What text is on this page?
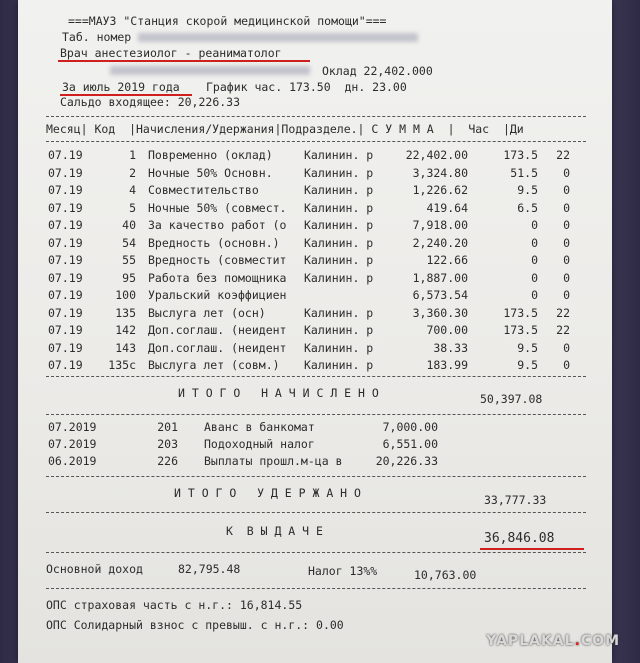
===МАУЗ "Станция скорой медицинской помощи"===
Таб. номер
Врач анестезиолог - реаниматолог
Оклад 22,402.000
За июль 2019 года График час. 173.50  дн. 23.00
Сальдо входящее: 20,226.33
Месяц| Код  |Начисления/Удержания|Подразделе.| С У М М А  |  Час  |Ди
07.19	1 Повременно (оклад)	Калинин. р	22,402.00	173.5	22
07.19	2 Ночные 50% Основн.	Калинин. р	3,324.80	51.5	0
07.19	4 Совместительство	Калинин. р	1,226.62	9.5	0
07.19	5 Ночные 50% (совмест. Калинин. р	419.64	6.5	0
07.19	40 За качество работ (о Калинин. р	7,918.00	0	0
07.19	54 Вредность (основн.) Калинин. р	2,240.20	0	0
07.19	55 Вредность (совместит Калинин. р	122.66	0	0
07.19	95 Работа без помощника Калинин. р	1,887.00	0	0
07.19	100 Уральский коэффициен	6,573.54	0	0
07.19	135 Выслуга лет (осн)	Калинин. р	3,360.30	173.5	22
07.19	142 Доп.соглаш. (неидент Калинин. р	700.00	173.5	22
07.19	143 Доп.соглаш. (неидент Калинин. р	38.33	9.5	0
07.19	135c Выслуга лет (совм.) Калинин. р	183.99	9.5	0
И Т О Г О   Н А Ч И С Л Е Н О	50,397.08
07.2019	201 Аванс в банкомат	7,000.00
07.2019	203 Подоходный налог	6,551.00
06.2019	226 Выплаты прошл.м-ца в	20,226.33
И Т О Г О   У Д Е Р Ж А Н О	33,777.33
К  В Ы Д А Ч Е	36,846.08
Основной доход	82,795.48	Налог 13%%	10,763.00
ОПС страховая часть с н.г.: 16,814.55
ОПС Солидарный взнос с превыш. с н.г.: 0.00
YAPLAKAL.COM
